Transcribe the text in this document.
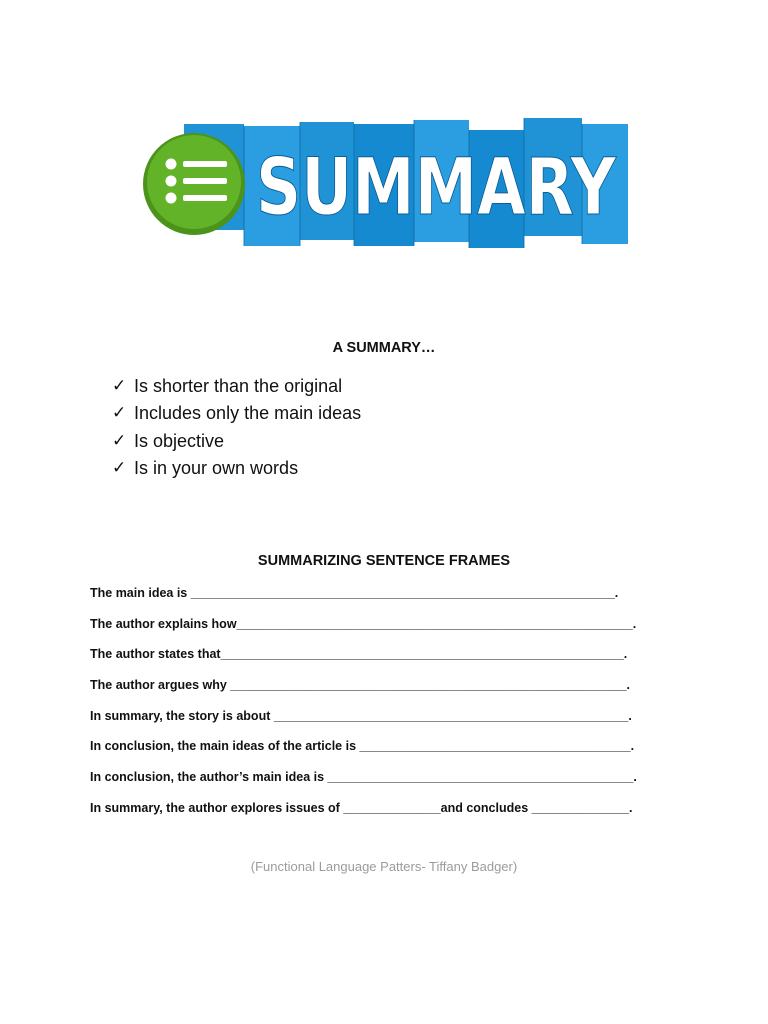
SUMMARY
A SUMMARY…
✓ Is shorter than the original
✓ Includes only the main ideas
✓ Is objective
✓ Is in your own words
SUMMARIZING SENTENCE FRAMES
The main idea is _____________________________________________________________.
The author explains how_________________________________________________________.
The author states that__________________________________________________________.
The author argues why _________________________________________________________.
In summary, the story is about ___________________________________________________.
In conclusion, the main ideas of the article is _______________________________________.
In conclusion, the author’s main idea is ____________________________________________.
In summary, the author explores issues of ______________and concludes ______________.
(Functional Language Patters- Tiffany Badger)
